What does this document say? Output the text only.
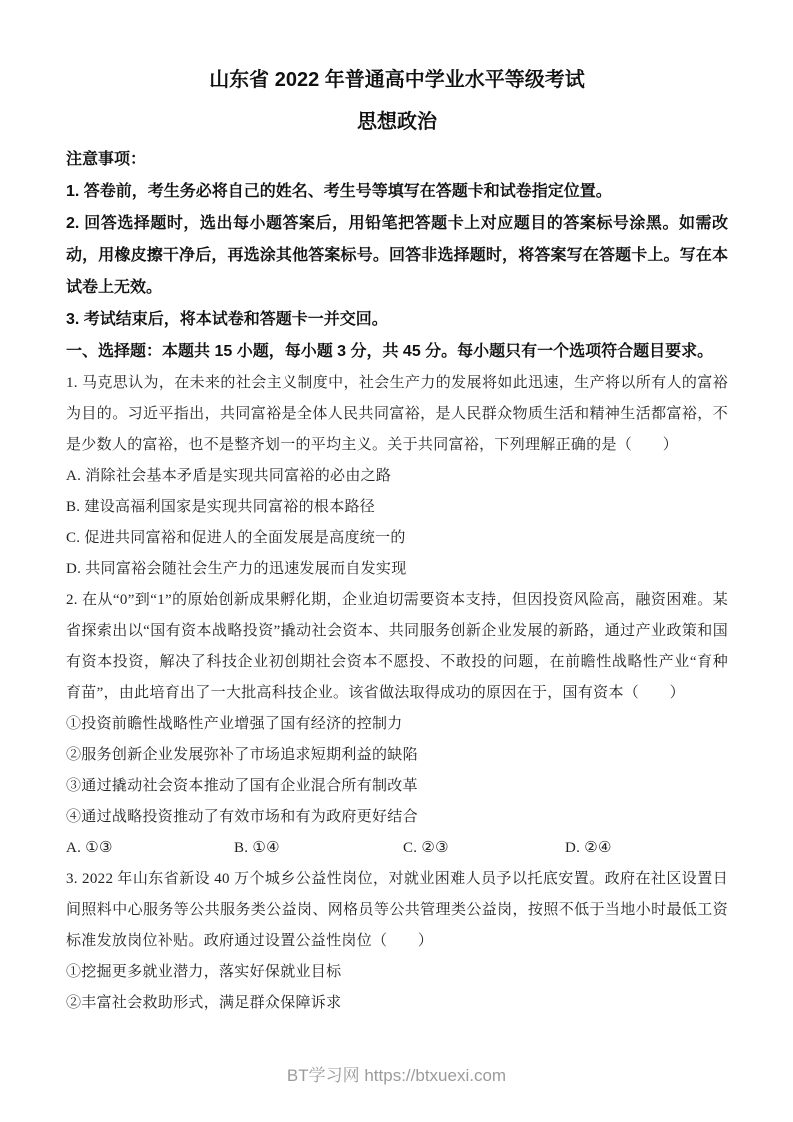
山东省 2022 年普通高中学业水平等级考试
思想政治

注意事项：

1. 答卷前，考生务必将自己的姓名、考生号等填写在答题卡和试卷指定位置。

2. 回答选择题时，选出每小题答案后，用铅笔把答题卡上对应题目的答案标号涂黑。如需改动，用橡皮擦干净后，再选涂其他答案标号。回答非选择题时，将答案写在答题卡上。写在本试卷上无效。

3. 考试结束后，将本试卷和答题卡一并交回。

一、选择题：本题共 15 小题，每小题 3 分，共 45 分。每小题只有一个选项符合题目要求。

1. 马克思认为，在未来的社会主义制度中，社会生产力的发展将如此迅速，生产将以所有人的富裕为目的。习近平指出，共同富裕是全体人民共同富裕，是人民群众物质生活和精神生活都富裕，不是少数人的富裕，也不是整齐划一的平均主义。关于共同富裕，下列理解正确的是（　　）

A. 消除社会基本矛盾是实现共同富裕的必由之路

B. 建设高福利国家是实现共同富裕的根本路径

C. 促进共同富裕和促进人的全面发展是高度统一的

D. 共同富裕会随社会生产力的迅速发展而自发实现

2. 在从“0”到“1”的原始创新成果孵化期，企业迫切需要资本支持，但因投资风险高，融资困难。某省探索出以“国有资本战略投资”撬动社会资本、共同服务创新企业发展的新路，通过产业政策和国有资本投资，解决了科技企业初创期社会资本不愿投、不敢投的问题，在前瞻性战略性产业“育种育苗”，由此培育出了一大批高科技企业。该省做法取得成功的原因在于，国有资本（　　）

①投资前瞻性战略性产业增强了国有经济的控制力

②服务创新企业发展弥补了市场追求短期利益的缺陷

③通过撬动社会资本推动了国有企业混合所有制改革

④通过战略投资推动了有效市场和有为政府更好结合

A. ①③	B. ①④	C. ②③	D. ②④

3. 2022 年山东省新设 40 万个城乡公益性岗位，对就业困难人员予以托底安置。政府在社区设置日间照料中心服务等公共服务类公益岗、网格员等公共管理类公益岗，按照不低于当地小时最低工资标准发放岗位补贴。政府通过设置公益性岗位（　　）

①挖掘更多就业潜力，落实好保就业目标

②丰富社会救助形式，满足群众保障诉求

BT学习网 https://btxuexi.com
